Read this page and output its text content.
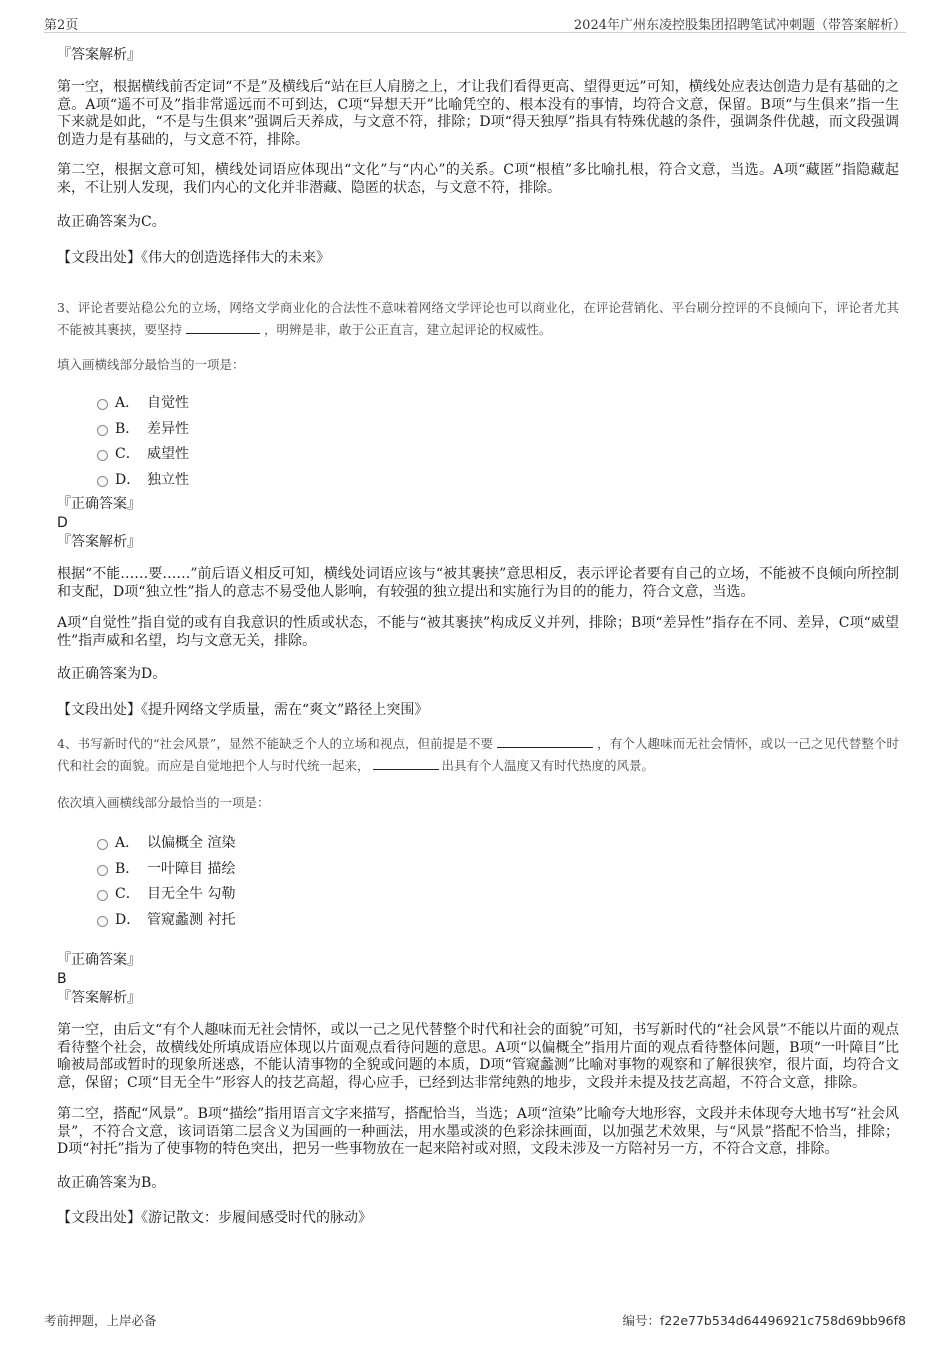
第2页	2024年广州东凌控股集团招聘笔试冲刺题（带答案解析）

『答案解析』

第一空，根据横线前否定词“不是”及横线后“站在巨人肩膀之上，才让我们看得更高、望得更远”可知，横线处应表达创造力是有基础的之意。A项“遥不可及”指非常遥远而不可到达，C项“异想天开”比喻凭空的、根本没有的事情，均符合文意，保留。B项“与生俱来”指一生下来就是如此，“不是与生俱来”强调后天养成，与文意不符，排除；D项“得天独厚”指具有特殊优越的条件，强调条件优越，而文段强调创造力是有基础的，与文意不符，排除。

第二空，根据文意可知，横线处词语应体现出“文化”与“内心”的关系。C项“根植”多比喻扎根，符合文意，当选。A项“藏匿”指隐藏起来，不让别人发现，我们内心的文化并非潜藏、隐匿的状态，与文意不符，排除。

故正确答案为C。

【文段出处】《伟大的创造选择伟大的未来》

3、评论者要站稳公允的立场，网络文学商业化的合法性不意味着网络文学评论也可以商业化，在评论营销化、平台刷分控评的不良倾向下，评论者尤其不能被其裹挟，要坚持	，明辨是非，敢于公正直言，建立起评论的权威性。

填入画横线部分最恰当的一项是：

A． 自觉性
B． 差异性
C． 威望性
D． 独立性

『正确答案』

D

『答案解析』

根据“不能……要……”前后语义相反可知，横线处词语应该与“被其裹挟”意思相反，表示评论者要有自己的立场，不能被不良倾向所控制和支配，D项“独立性”指人的意志不易受他人影响，有较强的独立提出和实施行为目的的能力，符合文意，当选。

A项“自觉性”指自觉的或有自我意识的性质或状态，不能与“被其裹挟”构成反义并列，排除；B项“差异性”指存在不同、差异，C项“威望性”指声威和名望，均与文意无关，排除。

故正确答案为D。

【文段出处】《提升网络文学质量，需在“爽文”路径上突围》

4、书写新时代的“社会风景”，显然不能缺乏个人的立场和视点，但前提是不要	，有个人趣味而无社会情怀，或以一己之见代替整个时代和社会的面貌。而应是自觉地把个人与时代统一起来，	出具有个人温度又有时代热度的风景。

依次填入画横线部分最恰当的一项是：

A． 以偏概全 渲染
B． 一叶障目 描绘
C． 目无全牛 勾勒
D． 管窥蠡测 衬托

『正确答案』

B

『答案解析』

第一空，由后文“有个人趣味而无社会情怀，或以一己之见代替整个时代和社会的面貌”可知，书写新时代的“社会风景”不能以片面的观点看待整个社会，故横线处所填成语应体现以片面观点看待问题的意思。A项“以偏概全”指用片面的观点看待整体问题，B项“一叶障目”比喻被局部或暂时的现象所迷惑，不能认清事物的全貌或问题的本质，D项“管窥蠡测”比喻对事物的观察和了解很狭窄，很片面，均符合文意，保留；C项“目无全牛”形容人的技艺高超，得心应手，已经到达非常纯熟的地步，文段并未提及技艺高超，不符合文意，排除。

第二空，搭配“风景”。B项“描绘”指用语言文字来描写，搭配恰当，当选；A项“渲染”比喻夸大地形容，文段并未体现夸大地书写“社会风景”，不符合文意，该词语第二层含义为国画的一种画法，用水墨或淡的色彩涂抹画面，以加强艺术效果，与“风景”搭配不恰当，排除；D项“衬托”指为了使事物的特色突出，把另一些事物放在一起来陪衬或对照，文段未涉及一方陪衬另一方，不符合文意，排除。

故正确答案为B。

【文段出处】《游记散文：步履间感受时代的脉动》

考前押题，上岸必备	编号：f22e77b534d64496921c758d69bb96f8
